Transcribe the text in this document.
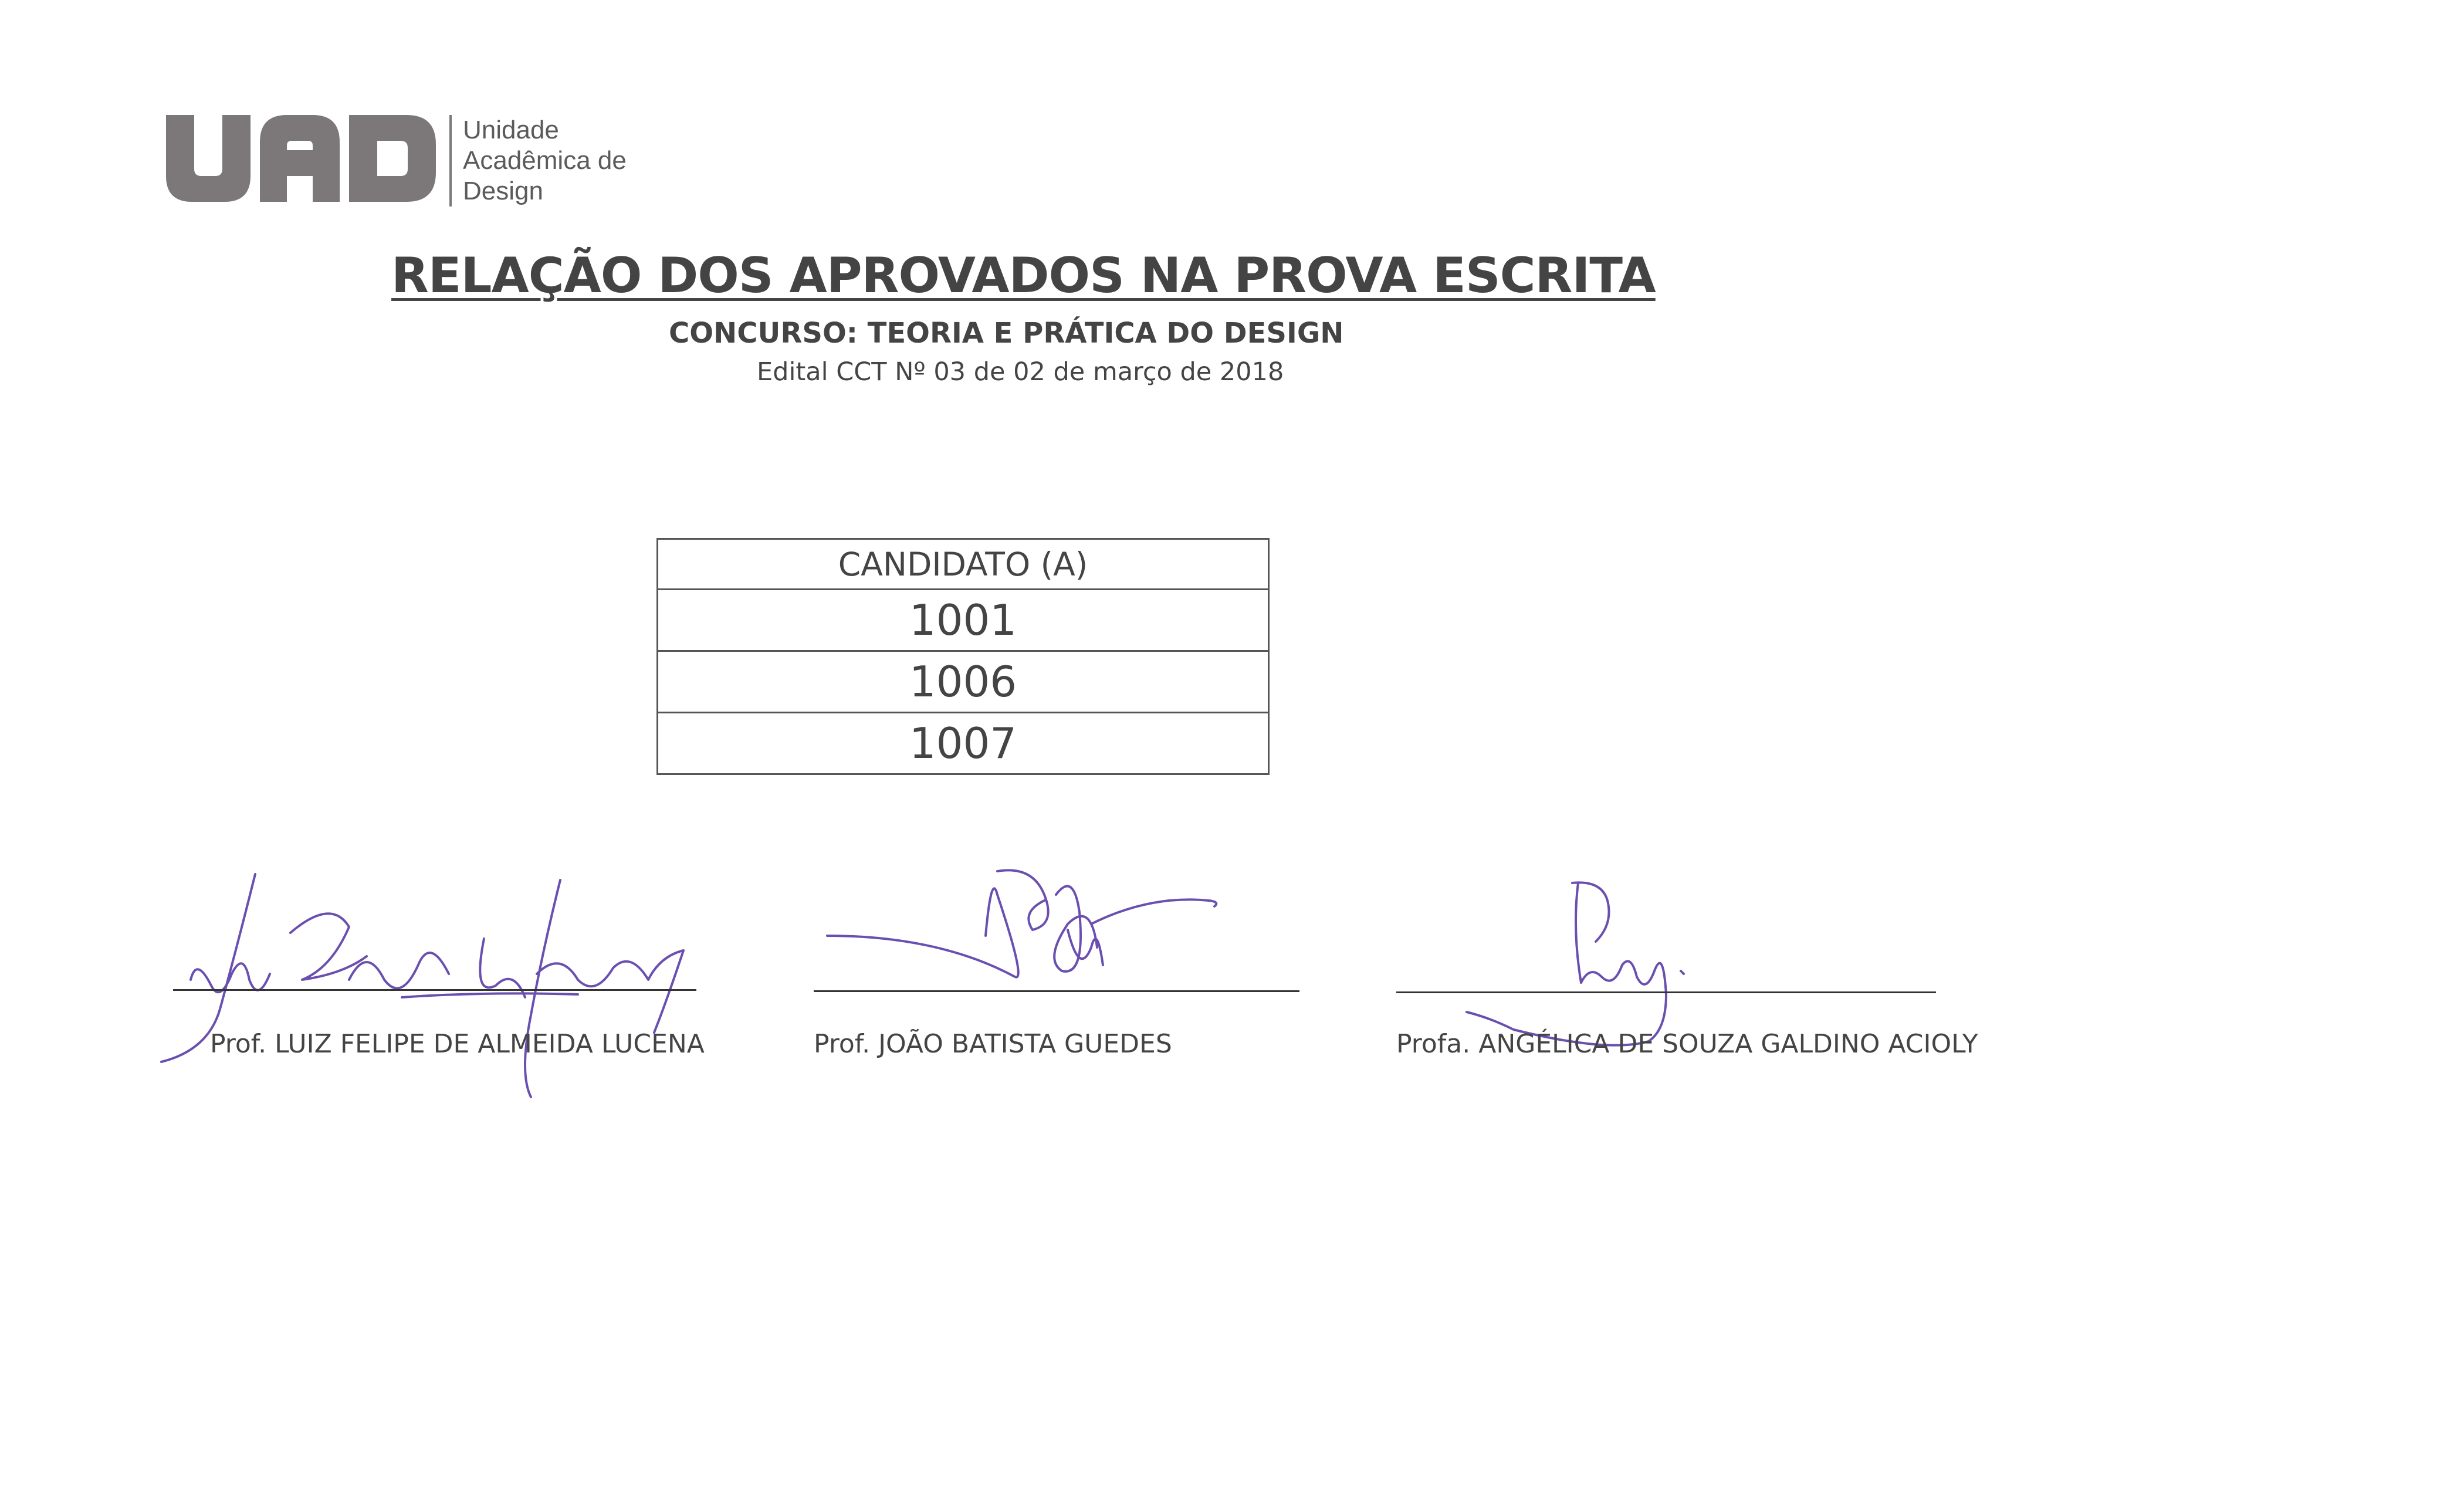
Unidade
Acadêmica de
Design
RELAÇÃO DOS APROVADOS NA PROVA ESCRITA
CONCURSO: TEORIA E PRÁTICA DO DESIGN
Edital CCT Nº 03 de 02 de março de 2018
CANDIDATO (A)
1001
1006
1007
Prof. LUIZ FELIPE DE ALMEIDA LUCENA	Prof. JOÃO BATISTA GUEDES	Profa. ANGÉLICA DE SOUZA GALDINO ACIOLY
